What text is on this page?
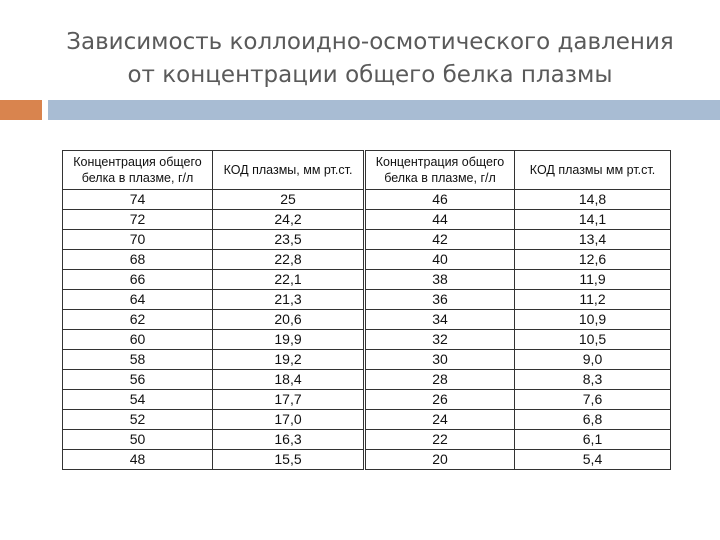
Зависимость коллоидно-осмотического давления
от концентрации общего белка плазмы
Концентрация общего белка в плазме, г/л	КОД плазмы, мм рт.ст.	Концентрация общего белка в плазме, г/л	КОД плазмы мм рт.ст.
74	25	46	14,8
72	24,2	44	14,1
70	23,5	42	13,4
68	22,8	40	12,6
66	22,1	38	11,9
64	21,3	36	11,2
62	20,6	34	10,9
60	19,9	32	10,5
58	19,2	30	9,0
56	18,4	28	8,3
54	17,7	26	7,6
52	17,0	24	6,8
50	16,3	22	6,1
48	15,5	20	5,4
